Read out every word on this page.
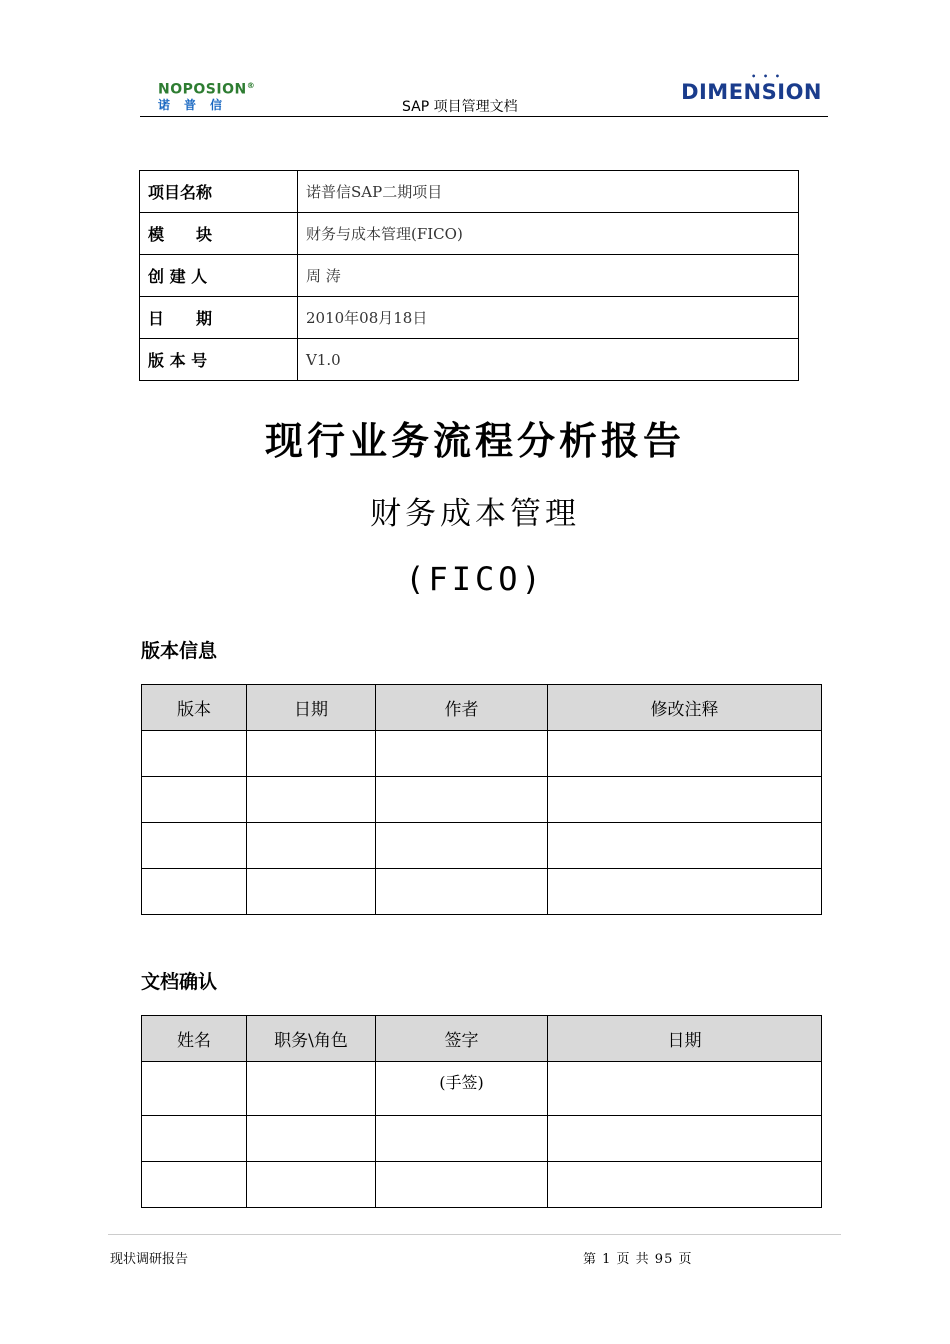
NOPOSION®
诺普信	SAP 项目管理文档
• • •
DIMENSION
项目名称	诺普信SAP二期项目
模　　块	财务与成本管理(FICO)
创 建 人	周 涛
日　　期	2010年08月18日
版 本 号	V1.0
现行业务流程分析报告
财务成本管理
(FICO)
版本信息
版本	日期	作者	修改注释

文档确认
姓名	职务\角色	签字	日期
		(手签)	

现状调研报告	第 1 页 共 95 页
